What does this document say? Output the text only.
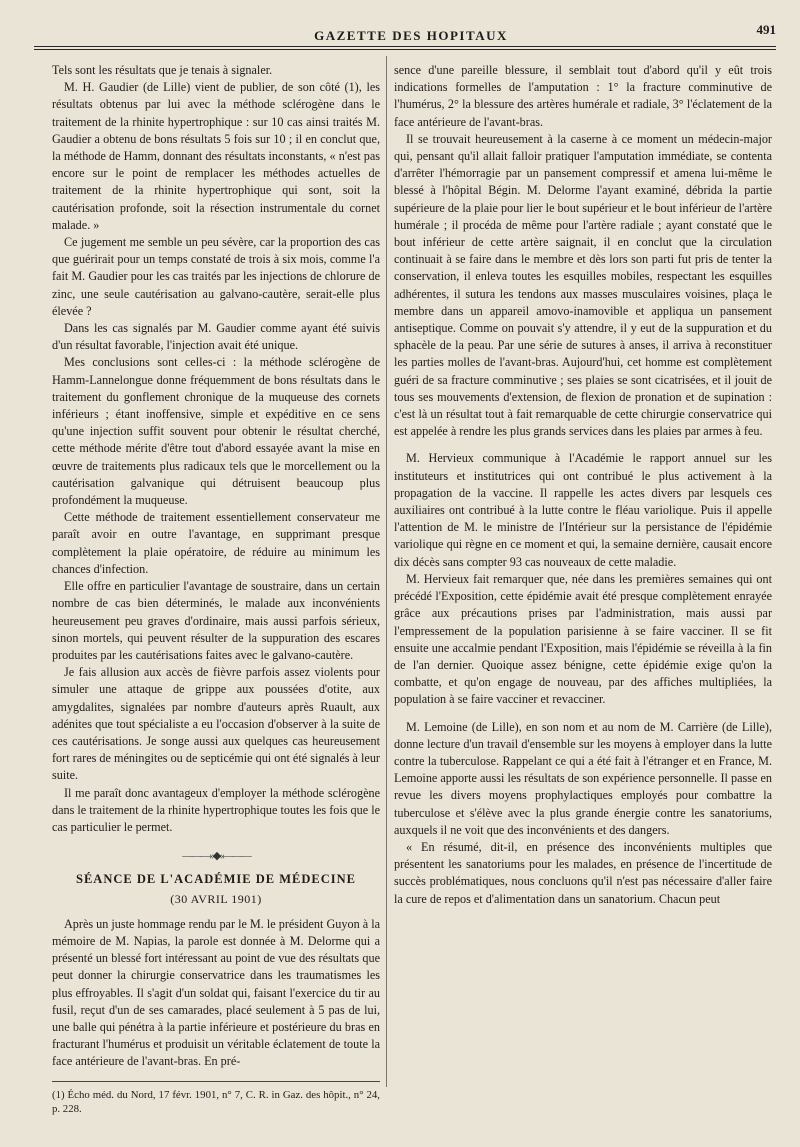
GAZETTE DES HOPITAUX	491

Tels sont les résultats que je tenais à signaler.

M. H. Gaudier (de Lille) vient de publier, de son côté (1), les résultats obtenus par lui avec la méthode sclérogène dans le traitement de la rhinite hypertrophique : sur 10 cas ainsi traités M. Gaudier a obtenu de bons résultats 5 fois sur 10 ; il en conclut que, la méthode de Hamm, donnant des résultats inconstants, « n'est pas encore sur le point de remplacer les méthodes actuelles de traitement de la rhinite hypertrophique qui sont, soit la cautérisation profonde, soit la résection instrumentale du cornet malade. »

Ce jugement me semble un peu sévère, car la proportion des cas que guérirait pour un temps constaté de trois à six mois, comme l'a fait M. Gaudier pour les cas traités par les injections de chlorure de zinc, une seule cautérisation au galvano-cautère, serait-elle plus élevée ?

Dans les cas signalés par M. Gaudier comme ayant été suivis d'un résultat favorable, l'injection avait été unique.

Mes conclusions sont celles-ci : la méthode sclérogène de Hamm-Lannelongue donne fréquemment de bons résultats dans le traitement du gonflement chronique de la muqueuse des cornets inférieurs ; étant inoffensive, simple et expéditive en ce sens qu'une injection suffit souvent pour obtenir le résultat cherché, cette méthode mérite d'être tout d'abord essayée avant la mise en œuvre de traitements plus radicaux tels que le morcellement ou la cautérisation galvanique qui détruisent beaucoup plus profondément la muqueuse.

Cette méthode de traitement essentiellement conservateur me paraît avoir en outre l'avantage, en supprimant presque complètement la plaie opératoire, de réduire au minimum les chances d'infection.

Elle offre en particulier l'avantage de soustraire, dans un certain nombre de cas bien déterminés, le malade aux inconvénients heureusement peu graves d'ordinaire, mais aussi parfois sérieux, sinon mortels, qui peuvent résulter de la suppuration des escares produites par les cautérisations faites avec le galvano-cautère.

Je fais allusion aux accès de fièvre parfois assez violents pour simuler une attaque de grippe aux poussées d'otite, aux amygdalites, signalées par nombre d'auteurs après Ruault, aux adénites que tout spécialiste a eu l'occasion d'observer à la suite de ces cautérisations. Je songe aussi aux quelques cas heureusement fort rares de méningites ou de septicémie qui ont été signalés à leur suite.

Il me paraît donc avantageux d'employer la méthode sclérogène dans le traitement de la rhinite hypertrophique toutes les fois que le cas particulier le permet.

———»◆«———
SÉANCE DE L'ACADÉMIE DE MÉDECINE
(30 AVRIL 1901)

Après un juste hommage rendu par le M. le président Guyon à la mémoire de M. Napias, la parole est donnée à M. Delorme qui a présenté un blessé fort intéressant au point de vue des résultats que peut donner la chirurgie conservatrice dans les traumatismes les plus effroyables. Il s'agit d'un soldat qui, faisant l'exercice du tir au fusil, reçut d'un de ses camarades, placé seulement à 5 pas de lui, une balle qui pénétra à la partie inférieure et postérieure du bras en fracturant l'humérus et produisit un véritable éclatement de toute la face antérieure de l'avant-bras. En pré-

(1) Écho méd. du Nord, 17 févr. 1901, n° 7, C. R. in Gaz. des hôpit., n° 24, p. 228.

sence d'une pareille blessure, il semblait tout d'abord qu'il y eût trois indications formelles de l'amputation : 1° la fracture comminutive de l'humérus, 2° la blessure des artères humérale et radiale, 3° l'éclatement de la face antérieure de l'avant-bras.

Il se trouvait heureusement à la caserne à ce moment un médecin-major qui, pensant qu'il allait falloir pratiquer l'amputation immédiate, se contenta d'arrêter l'hémorragie par un pansement compressif et amena lui-même le blessé à l'hôpital Bégin. M. Delorme l'ayant examiné, débrida la partie supérieure de la plaie pour lier le bout supérieur et le bout inférieur de l'artère humérale ; il procéda de même pour l'artère radiale ; ayant constaté que le bout inférieur de cette artère saignait, il en conclut que la circulation continuait à se faire dans le membre et dès lors son parti fut pris de tenter la conservation, il enleva toutes les esquilles mobiles, respectant les esquilles adhérentes, il sutura les tendons aux masses musculaires voisines, plaça le membre dans un appareil amovo-inamovible et appliqua un pansement antiseptique. Comme on pouvait s'y attendre, il y eut de la suppuration et du sphacèle de la peau. Par une série de sutures à anses, il arriva à reconstituer les parties molles de l'avant-bras. Aujourd'hui, cet homme est complètement guéri de sa fracture comminutive ; ses plaies se sont cicatrisées, et il jouit de tous ses mouvements d'extension, de flexion de pronation et de supination : c'est là un résultat tout à fait remarquable de cette chirurgie conservatrice qui est appelée à rendre les plus grands services dans les plaies par armes à feu.

M. Hervieux communique à l'Académie le rapport annuel sur les instituteurs et institutrices qui ont contribué le plus activement à la propagation de la vaccine. Il rappelle les actes divers par lesquels ces auxiliaires ont contribué à la lutte contre le fléau variolique. Puis il appelle l'attention de M. le ministre de l'Intérieur sur la persistance de l'épidémie variolique qui règne en ce moment et qui, la semaine dernière, causait encore dix décès sans compter 93 cas nouveaux de cette maladie.

M. Hervieux fait remarquer que, née dans les premières semaines qui ont précédé l'Exposition, cette épidémie avait été presque complètement enrayée grâce aux précautions prises par l'administration, mais aussi par l'empressement de la population parisienne à se faire vacciner. Il se fit ensuite une accalmie pendant l'Exposition, mais l'épidémie se réveilla à la fin de l'an dernier. Quoique assez bénigne, cette épidémie exige qu'on la combatte, et qu'on engage de nouveau, par des affiches multipliées, la population à se faire vacciner et revacciner.

M. Lemoine (de Lille), en son nom et au nom de M. Carrière (de Lille), donne lecture d'un travail d'ensemble sur les moyens à employer dans la lutte contre la tuberculose. Rappelant ce qui a été fait à l'étranger et en France, M. Lemoine apporte aussi les résultats de son expérience personnelle. Il passe en revue les divers moyens prophylactiques employés pour combattre la tuberculose et s'élève avec la plus grande énergie contre les sanatoriums, auxquels il ne voit que des inconvénients et des dangers.

« En résumé, dit-il, en présence des inconvénients multiples que présentent les sanatoriums pour les malades, en présence de l'incertitude de succès problématiques, nous concluons qu'il n'est pas nécessaire d'aller faire la cure de repos et d'alimentation dans un sanatorium. Chacun peut
